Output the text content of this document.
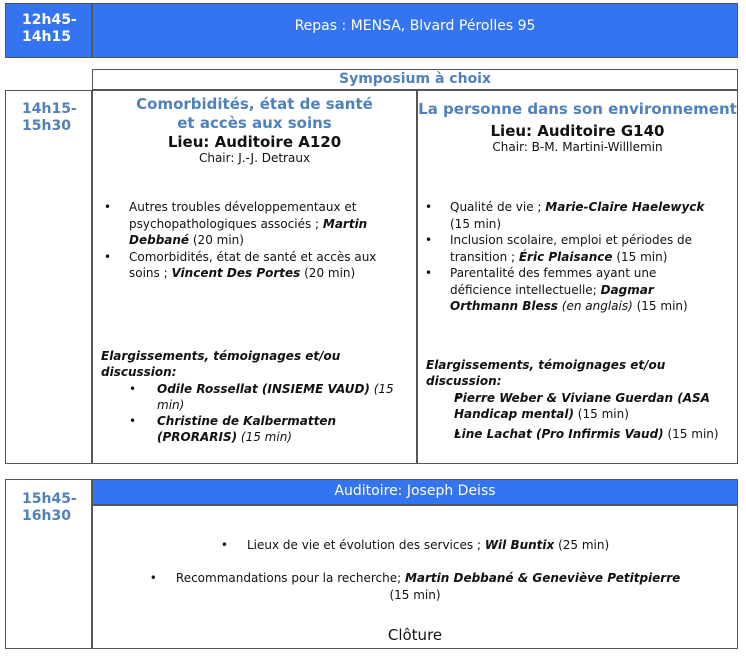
12h45-
14h15
Repas : MENSA, Blvard Pérolles 95
Symposium à choix
14h15-
15h30
Comorbidités, état de santé
et accès aux soins
Lieu: Auditoire A120
Chair: J.-J. Detraux
• Autres troubles développementaux et
psychopathologiques associés ; Martin
Debbané (20 min)
• Comorbidités, état de santé et accès aux
soins ; Vincent Des Portes (20 min)
Elargissements, témoignages et/ou
discussion:
• Odile Rossellat (INSIEME VAUD) (15
min)
• Christine de Kalbermatten
(PRORARIS) (15 min)
La personne dans son environnement
Lieu: Auditoire G140
Chair: B-M. Martini-Willlemin
• Qualité de vie ; Marie-Claire Haelewyck
(15 min)
• Inclusion scolaire, emploi et périodes de
transition ; Éric Plaisance (15 min)
• Parentalité des femmes ayant une
déficience intellectuelle; Dagmar
Orthmann Bless (en anglais) (15 min)
Elargissements, témoignages et/ou
discussion:
• Pierre Weber & Viviane Guerdan (ASA
Handicap mental) (15 min)
• Line Lachat (Pro Infirmis Vaud) (15 min)
15h45-
16h30
Auditoire: Joseph Deiss
•     Lieux de vie et évolution des services ; Wil Buntix (25 min)
•     Recommandations pour la recherche; Martin Debbané & Geneviève Petitpierre
(15 min)
Clôture
